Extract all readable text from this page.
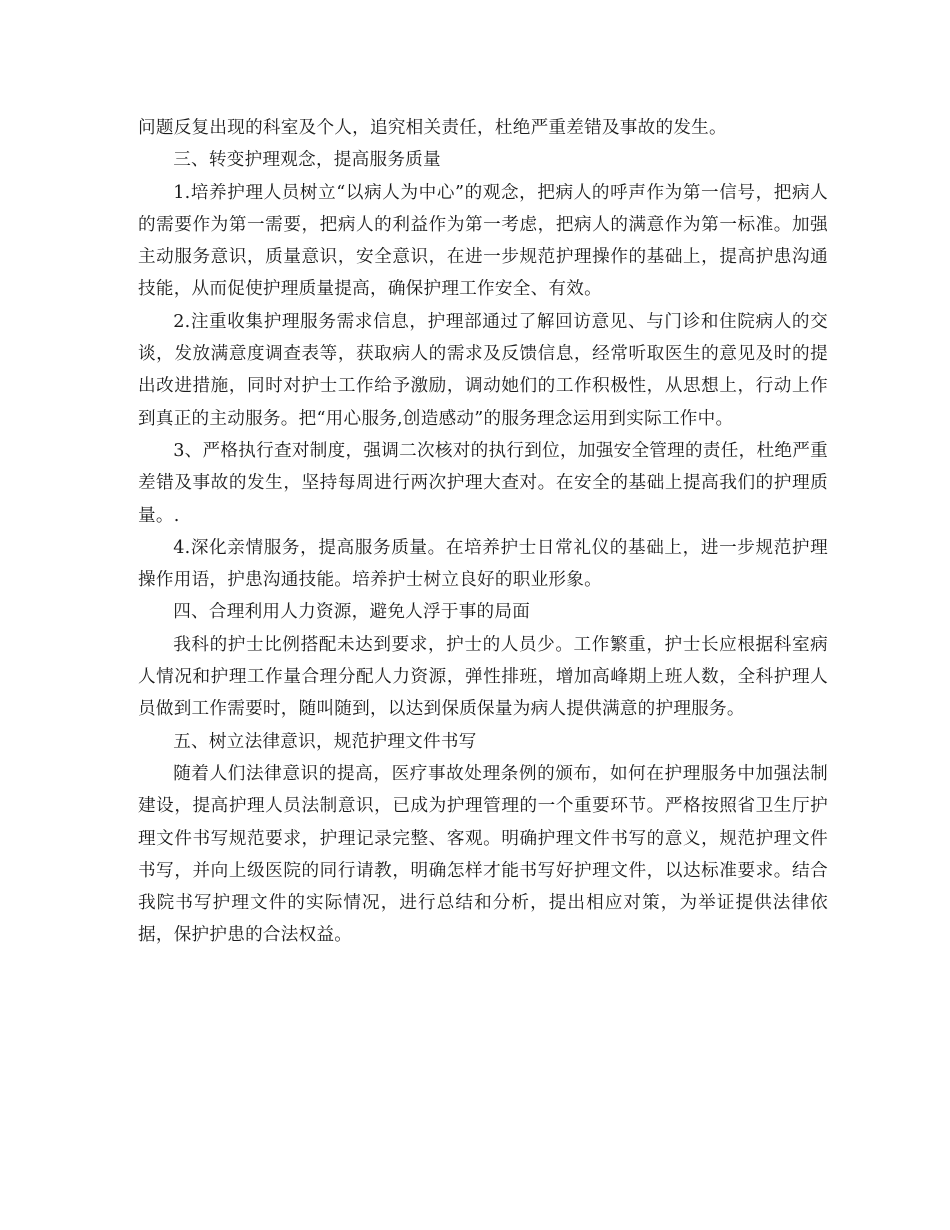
问题反复出现的科室及个人，追究相关责任，杜绝严重差错及事故的发生。

三、转变护理观念，提高服务质量

1.培养护理人员树立“以病人为中心”的观念，把病人的呼声作为第一信号，把病人的需要作为第一需要，把病人的利益作为第一考虑，把病人的满意作为第一标准。加强主动服务意识，质量意识，安全意识，在进一步规范护理操作的基础上，提高护患沟通技能，从而促使护理质量提高，确保护理工作安全、有效。

2.注重收集护理服务需求信息，护理部通过了解回访意见、与门诊和住院病人的交谈，发放满意度调查表等，获取病人的需求及反馈信息，经常听取医生的意见及时的提出改进措施，同时对护士工作给予激励，调动她们的工作积极性，从思想上，行动上作到真正的主动服务。把“用心服务,创造感动”的服务理念运用到实际工作中。

3、严格执行查对制度，强调二次核对的执行到位，加强安全管理的责任，杜绝严重差错及事故的发生，坚持每周进行两次护理大查对。在安全的基础上提高我们的护理质量。.

4.深化亲情服务，提高服务质量。在培养护士日常礼仪的基础上，进一步规范护理操作用语，护患沟通技能。培养护士树立良好的职业形象。

四、合理利用人力资源，避免人浮于事的局面

我科的护士比例搭配未达到要求，护士的人员少。工作繁重，护士长应根据科室病人情况和护理工作量合理分配人力资源，弹性排班，增加高峰期上班人数，全科护理人员做到工作需要时，随叫随到，以达到保质保量为病人提供满意的护理服务。

五、树立法律意识，规范护理文件书写

随着人们法律意识的提高，医疗事故处理条例的颁布，如何在护理服务中加强法制建设，提高护理人员法制意识，已成为护理管理的一个重要环节。严格按照省卫生厅护理文件书写规范要求，护理记录完整、客观。明确护理文件书写的意义，规范护理文件书写，并向上级医院的同行请教，明确怎样才能书写好护理文件，以达标准要求。结合我院书写护理文件的实际情况，进行总结和分析，提出相应对策，为举证提供法律依据，保护护患的合法权益。
